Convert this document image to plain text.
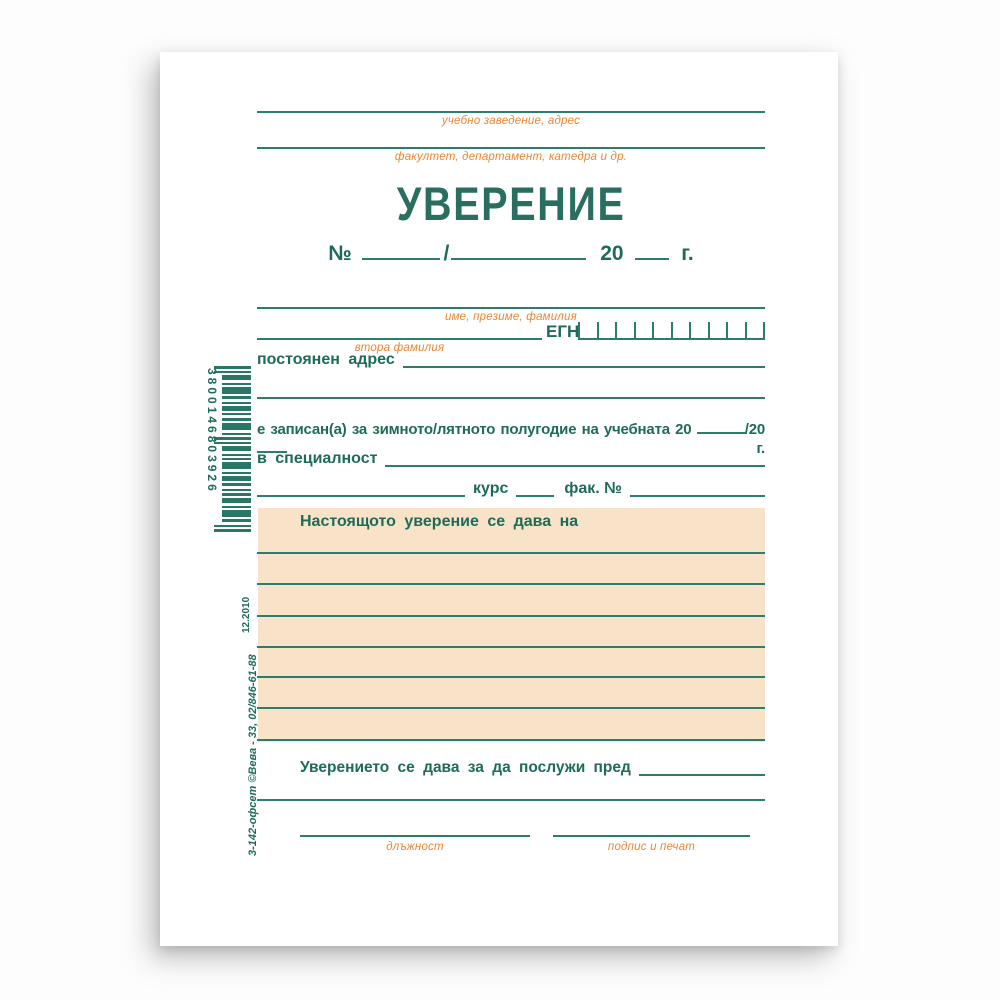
учебно заведение, адрес
факултет, департамент, катедра и др.
УВЕРЕНИЕ
№	/	20	г.
име, презиме, фамилия
втора фамилия
ЕГН
постоянен адрес
е записан(а) за зимното/лятното полугодие на учебната 20	/20  г.
в специалност
курс	фак. №
Настоящото уверение се дава на
Уверението се дава за да послужи пред
длъжност	подпис и печат
3800146803926
12.2010
3-142-офсет ©Вева - 33, 02/846-61-88
